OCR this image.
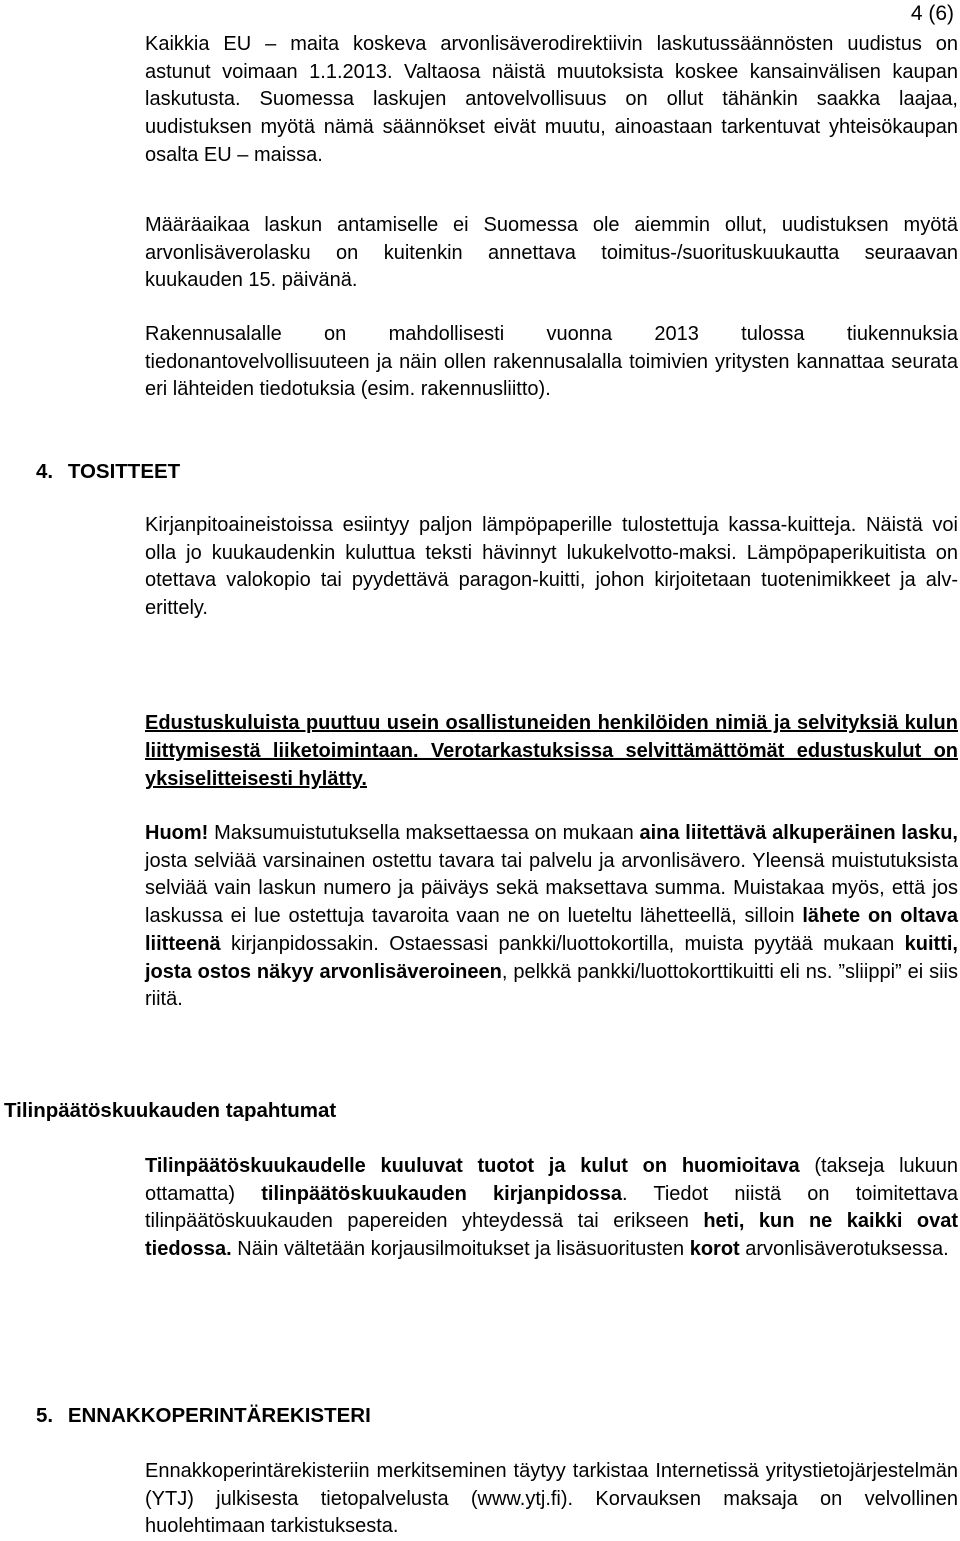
4 (6)

Kaikkia EU – maita koskeva arvonlisäverodirektiivin laskutussäännösten uudistus on astunut voimaan 1.1.2013. Valtaosa näistä muutoksista koskee kansainvälisen kaupan laskutusta. Suomessa laskujen antovelvollisuus on ollut tähänkin saakka laajaa, uudistuksen myötä nämä säännökset eivät muutu, ainoastaan tarkentuvat yhteisökaupan osalta EU – maissa.

Määräaikaa laskun antamiselle ei Suomessa ole aiemmin ollut, uudistuksen myötä arvonlisäverolasku on kuitenkin annettava toimitus-/suorituskuukautta seuraavan kuukauden 15. päivänä.

Rakennusalalle on mahdollisesti vuonna 2013 tulossa tiukennuksia tiedonantovelvollisuuteen ja näin ollen rakennusalalla toimivien yritysten kannattaa seurata eri lähteiden tiedotuksia (esim. rakennusliitto).

4. TOSITTEET

Kirjanpitoaineistoissa esiintyy paljon lämpöpaperille tulostettuja kassa-kuitteja. Näistä voi olla jo kuukaudenkin kuluttua teksti hävinnyt lukukelvotto-maksi. Lämpöpaperikuitista on otettava valokopio tai pyydettävä paragon-kuitti, johon kirjoitetaan tuotenimikkeet ja alv-erittely.

Edustuskuluista puuttuu usein osallistuneiden henkilöiden nimiä ja selvityksiä kulun liittymisestä liiketoimintaan. Verotarkastuksissa selvittämättömät edustuskulut on yksiselitteisesti hylätty.

Huom! Maksumuistutuksella maksettaessa on mukaan aina liitettävä alkuperäinen lasku, josta selviää varsinainen ostettu tavara tai palvelu ja arvonlisävero. Yleensä muistutuksista selviää vain laskun numero ja päiväys sekä maksettava summa. Muistakaa myös, että jos laskussa ei lue ostettuja tavaroita vaan ne on lueteltu lähetteellä, silloin lähete on oltava liitteenä kirjanpidossakin. Ostaessasi pankki/luottokortilla, muista pyytää mukaan kuitti, josta ostos näkyy arvonlisäveroineen, pelkkä pankki/luottokorttikuitti eli ns. ”sliippi” ei siis riitä.

Tilinpäätöskuukauden tapahtumat

Tilinpäätöskuukaudelle kuuluvat tuotot ja kulut on huomioitava (takseja lukuun ottamatta) tilinpäätöskuukauden kirjanpidossa. Tiedot niistä on toimitettava tilinpäätöskuukauden papereiden yhteydessä tai erikseen heti, kun ne kaikki ovat tiedossa. Näin vältetään korjausilmoitukset ja lisäsuoritusten korot arvonlisäverotuksessa.

5. ENNAKKOPERINTÄREKISTERI

Ennakkoperintärekisteriin merkitseminen täytyy tarkistaa Internetissä yritystietojärjestelmän (YTJ) julkisesta tietopalvelusta (www.ytj.fi). Korvauksen maksaja on velvollinen huolehtimaan tarkistuksesta.
